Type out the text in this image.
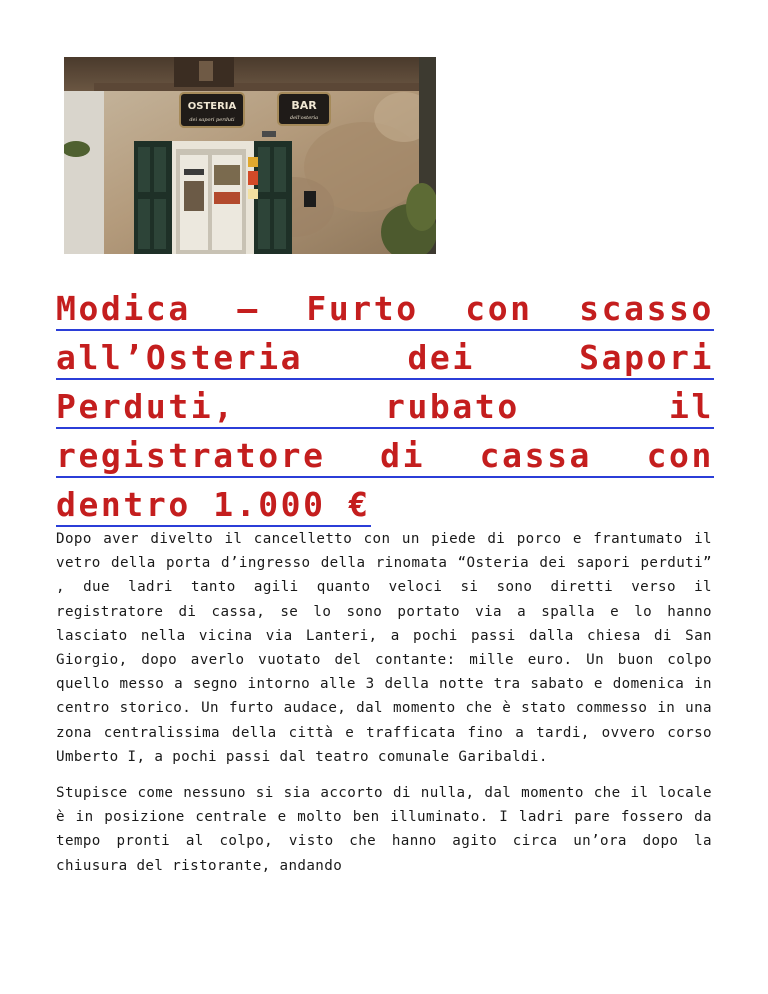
OSTERIA
dei sapori perduti
BAR
dell'osteria
Modica – Furto con scasso all’Osteria dei Sapori Perduti, rubato il registratore di cassa con dentro 1.000 €

Dopo aver divelto il cancelletto con un piede di porco e frantumato il vetro della porta d’ingresso della rinomata “Osteria dei sapori perduti” , due ladri tanto agili quanto veloci si sono diretti verso il registratore di cassa, se lo sono portato via a spalla e lo hanno lasciato nella vicina via Lanteri, a pochi passi dalla chiesa di San Giorgio, dopo averlo vuotato del contante: mille euro. Un buon colpo quello messo a segno intorno alle 3 della notte tra sabato e domenica in centro storico. Un furto audace, dal momento che è stato commesso in una zona centralissima della città e trafficata fino a tardi, ovvero corso Umberto I, a pochi passi dal teatro comunale Garibaldi.

Stupisce come nessuno si sia accorto di nulla, dal momento che il locale è in posizione centrale e molto ben illuminato. I ladri pare fossero da tempo pronti al colpo, visto che hanno agito circa un’ora dopo la chiusura del ristorante, andando
